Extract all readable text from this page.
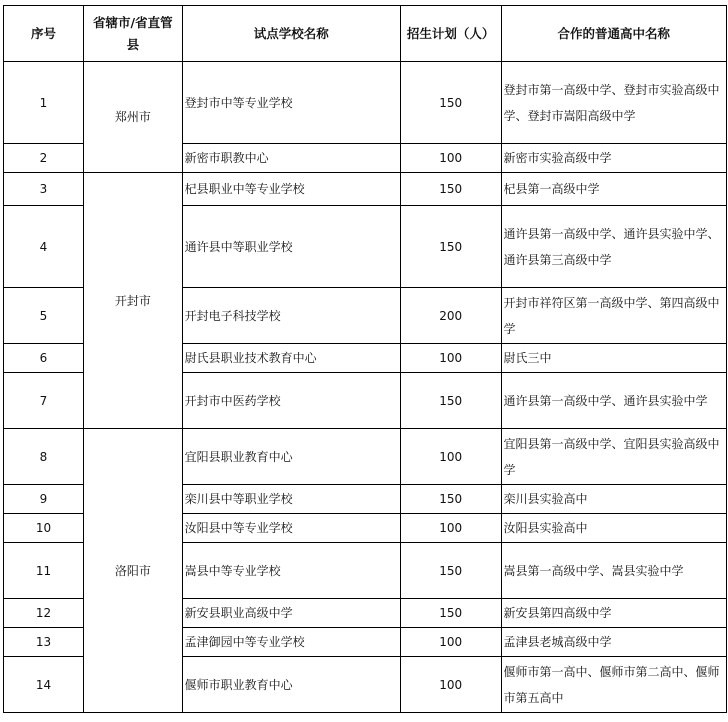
序号	省辖市/省直管县	试点学校名称	招生计划（人）	合作的普通高中名称
1	郑州市	登封市中等专业学校	150	登封市第一高级中学、登封市实验高级中学、登封市嵩阳高级中学
2		新密市职教中心	100	新密市实验高级中学
3	开封市	杞县职业中等专业学校	150	杞县第一高级中学
4		通许县中等职业学校	150	通许县第一高级中学、通许县实验中学、通许县第三高级中学
5		开封电子科技学校	200	开封市祥符区第一高级中学、第四高级中学
6		尉氏县职业技术教育中心	100	尉氏三中
7		开封市中医药学校	150	通许县第一高级中学、通许县实验中学
8	洛阳市	宜阳县职业教育中心	100	宜阳县第一高级中学、宜阳县实验高级中学
9		栾川县中等职业学校	150	栾川县实验高中
10		汝阳县中等专业学校	100	汝阳县实验高中
11		嵩县中等专业学校	150	嵩县第一高级中学、嵩县实验中学
12		新安县职业高级中学	150	新安县第四高级中学
13		孟津御园中等专业学校	100	孟津县老城高级中学
14		偃师市职业教育中心	100	偃师市第一高中、偃师市第二高中、偃师市第五高中
